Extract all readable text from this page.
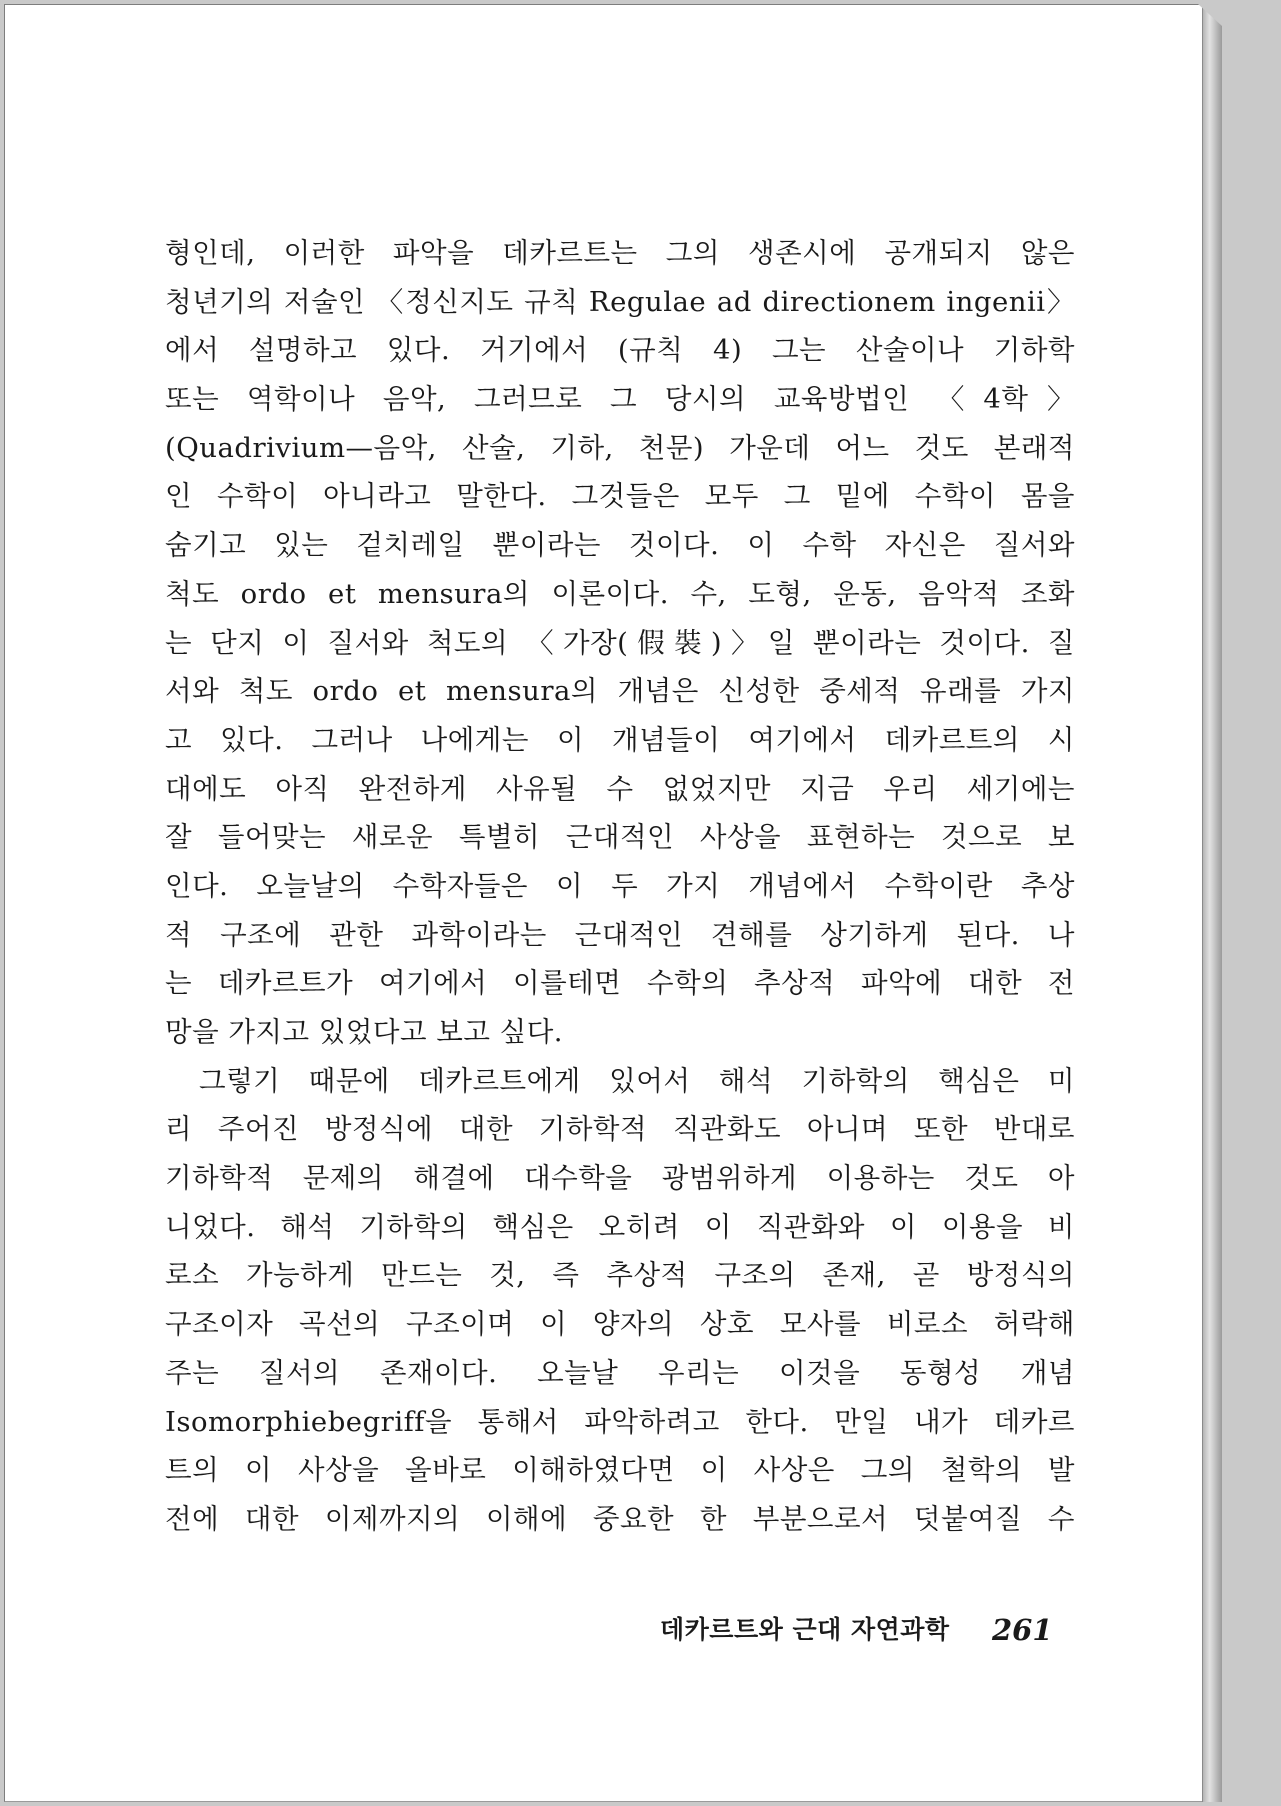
형인데, 이러한 파악을 데카르트는 그의 생존시에 공개되지 않은
청년기의 저술인 〈정신지도 규칙 Regulae ad directionem ingenii〉
에서 설명하고 있다. 거기에서 (규칙 4) 그는 산술이나 기하학
또는 역학이나 음악, 그러므로 그 당시의 교육방법인 〈4학〉
(Quadrivium—음악, 산술, 기하, 천문) 가운데 어느 것도 본래적
인 수학이 아니라고 말한다. 그것들은 모두 그 밑에 수학이 몸을
숨기고 있는 겉치레일 뿐이라는 것이다. 이 수학 자신은 질서와
척도 ordo et mensura의 이론이다. 수, 도형, 운동, 음악적 조화
는 단지 이 질서와 척도의 〈가장(假裝)〉일 뿐이라는 것이다. 질
서와 척도 ordo et mensura의 개념은 신성한 중세적 유래를 가지
고 있다. 그러나 나에게는 이 개념들이 여기에서 데카르트의 시
대에도 아직 완전하게 사유될 수 없었지만 지금 우리 세기에는
잘 들어맞는 새로운 특별히 근대적인 사상을 표현하는 것으로 보
인다. 오늘날의 수학자들은 이 두 가지 개념에서 수학이란 추상
적 구조에 관한 과학이라는 근대적인 견해를 상기하게 된다. 나
는 데카르트가 여기에서 이를테면 수학의 추상적 파악에 대한 전
망을 가지고 있었다고 보고 싶다.
그렇기 때문에 데카르트에게 있어서 해석 기하학의 핵심은 미
리 주어진 방정식에 대한 기하학적 직관화도 아니며 또한 반대로
기하학적 문제의 해결에 대수학을 광범위하게 이용하는 것도 아
니었다. 해석 기하학의 핵심은 오히려 이 직관화와 이 이용을 비
로소 가능하게 만드는 것, 즉 추상적 구조의 존재, 곧 방정식의
구조이자 곡선의 구조이며 이 양자의 상호 모사를 비로소 허락해
주는 질서의 존재이다. 오늘날 우리는 이것을 동형성 개념
Isomorphiebegriff을 통해서 파악하려고 한다. 만일 내가 데카르
트의 이 사상을 올바로 이해하였다면 이 사상은 그의 철학의 발
전에 대한 이제까지의 이해에 중요한 한 부분으로서 덧붙여질 수
데카르트와 근대 자연과학 261
